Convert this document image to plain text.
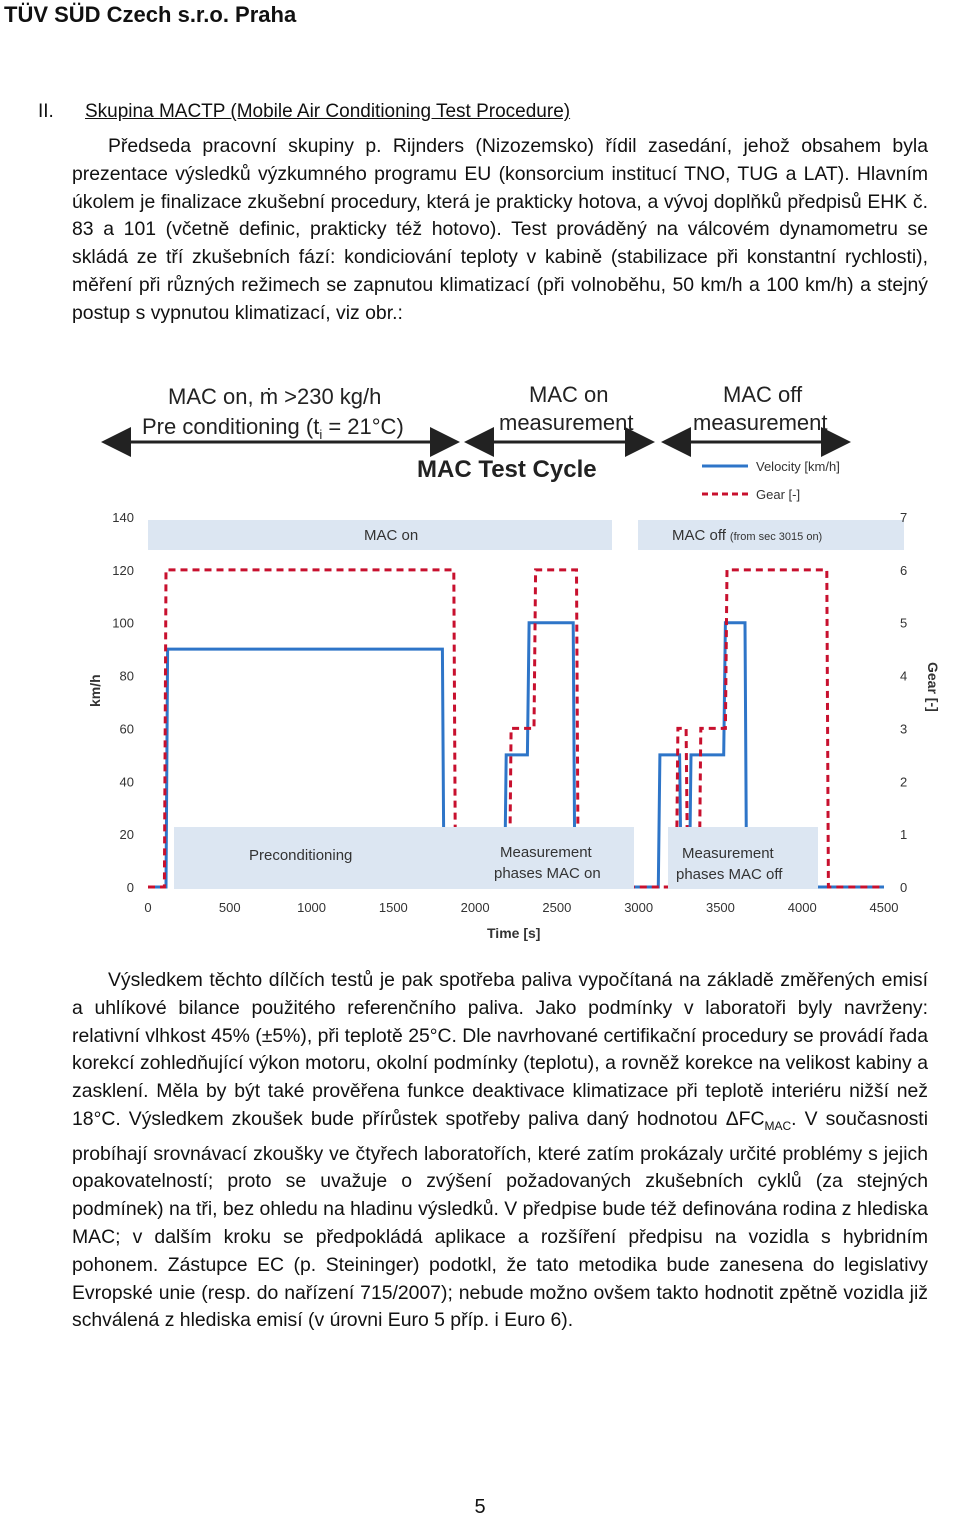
TÜV SÜD Czech s.r.o. Praha
II. Skupina MACTP (Mobile Air Conditioning Test Procedure)

Předseda pracovní skupiny p. Rijnders (Nizozemsko) řídil zasedání, jehož obsahem byla prezentace výsledků výzkumného programu EU (konsorcium institucí TNO, TUG a LAT). Hlavním úkolem je finalizace zkušební procedury, která je prakticky hotova, a vývoj doplňků předpisů EHK č. 83 a 101 (včetně definic, prakticky též hotovo). Test prováděný na válcovém dynamometru se skládá ze tří zkušebních fází: kondiciování teploty v kabině (stabilizace při konstantní rychlosti), měření při různých režimech se zapnutou klimatizací (při volnoběhu, 50 km/h a 100 km/h) a stejný postup s vypnutou klimatizací, viz obr.:

MAC on, ṁ >230 kg/h
Pre conditioning $(t_i = 21^\circ C)$
MAC on
measurement
MAC off
measurement
MAC Test Cycle	Velocity [km/h]
Gear [-]
MAC on	MAC off (from sec 3015 on)
0
20
40
60
80
100
120
140
0
1
2
3
4
5
6
7
0	500	1000	1500	2000	2500	3000	3500	4000	4500
Preconditioning	Measurement
phases MAC on
Measurement
phases MAC off
km/h	Gear [-]
Time [s]

Výsledkem těchto dílčích testů je pak spotřeba paliva vypočítaná na základě změřených emisí a uhlíkové bilance použitého referenčního paliva. Jako podmínky v laboratoři byly navrženy: relativní vlhkost 45% (±5%), při teplotě 25°C. Dle navrhované certifikační procedury se provádí řada korekcí zohledňující výkon motoru, okolní podmínky (teplotu), a rovněž korekce na velikost kabiny a zasklení. Měla by být také prověřena funkce deaktivace klimatizace při teplotě interiéru nižší než 18°C. Výsledkem zkoušek bude přírůstek spotřeby paliva daný hodnotou $\Delta FC_{MAC}$. V současnosti probíhají srovnávací zkoušky ve čtyřech laboratořích, které zatím prokázaly určité problémy s jejich opakovatelností; proto se uvažuje o zvýšení požadovaných zkušebních cyklů (za stejných podmínek) na tři, bez ohledu na hladinu výsledků. V předpise bude též definována rodina z hlediska MAC; v dalším kroku se předpokládá aplikace a rozšíření předpisu na vozidla s hybridním pohonem. Zástupce EC (p. Steininger) podotkl, že tato metodika bude zanesena do legislativy Evropské unie (resp. do nařízení 715/2007); nebude možno ovšem takto hodnotit zpětně vozidla již schválená z hlediska emisí (v úrovni Euro 5 příp. i Euro 6).

5
